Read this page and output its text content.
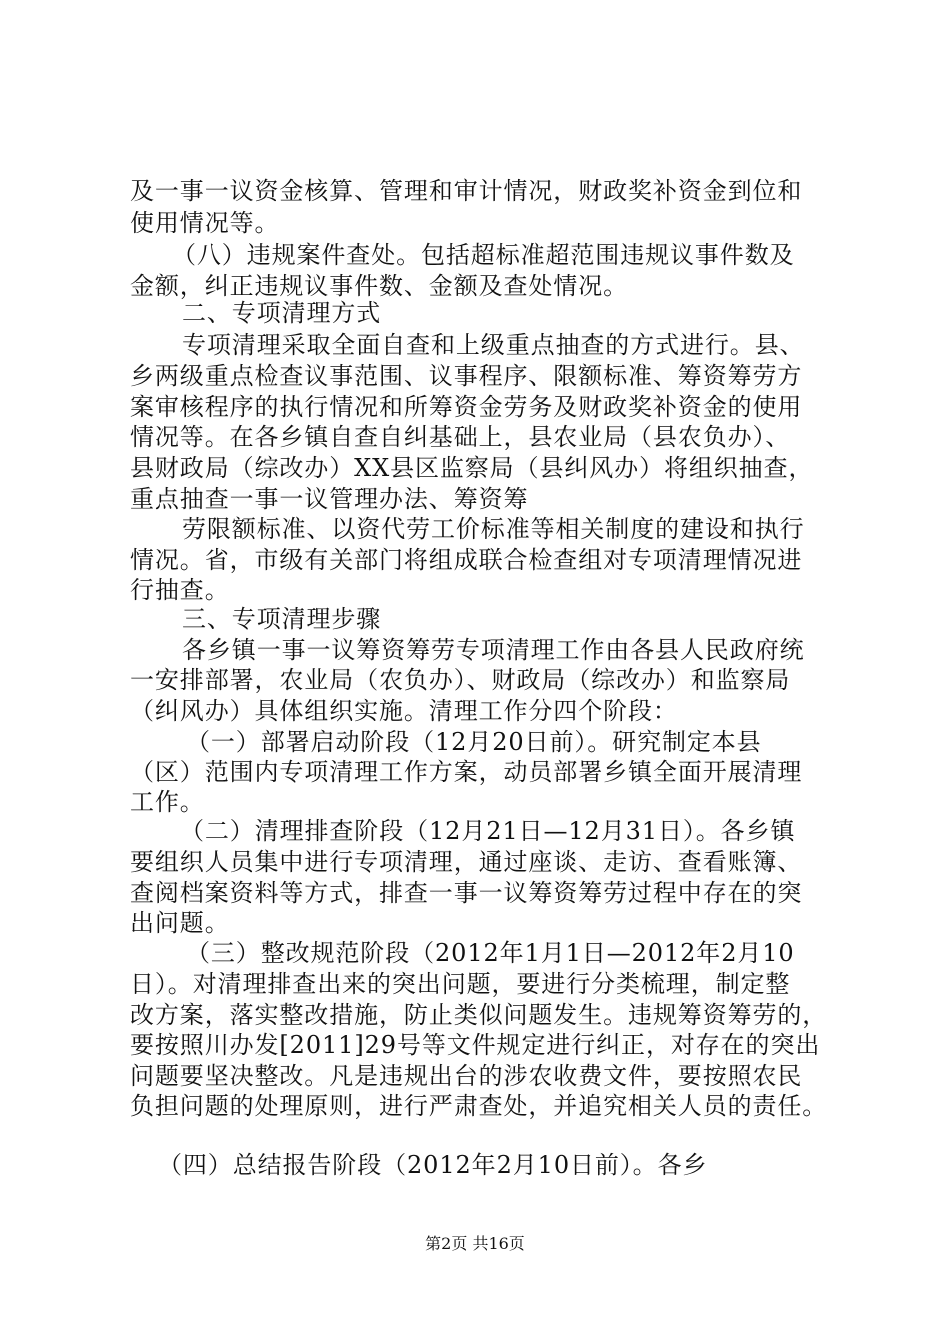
及一事一议资金核算、管理和审计情况，财政奖补资金到位和
使用情况等。
（八）违规案件查处。包括超标准超范围违规议事件数及
金额，纠正违规议事件数、金额及查处情况。
二、专项清理方式
专项清理采取全面自查和上级重点抽查的方式进行。县、
乡两级重点检查议事范围、议事程序、限额标准、筹资筹劳方
案审核程序的执行情况和所筹资金劳务及财政奖补资金的使用
情况等。在各乡镇自查自纠基础上，县农业局（县农负办）、
县财政局（综改办）XX县区监察局（县纠风办）将组织抽查，
重点抽查一事一议管理办法、筹资筹
劳限额标准、以资代劳工价标准等相关制度的建设和执行
情况。省，市级有关部门将组成联合检查组对专项清理情况进
行抽查。
三、专项清理步骤
各乡镇一事一议筹资筹劳专项清理工作由各县人民政府统
一安排部署，农业局（农负办）、财政局（综改办）和监察局
（纠风办）具体组织实施。清理工作分四个阶段：
（一）部署启动阶段（12月20日前）。研究制定本县
（区）范围内专项清理工作方案，动员部署乡镇全面开展清理
工作。
（二）清理排查阶段（12月21日—12月31日）。各乡镇
要组织人员集中进行专项清理，通过座谈、走访、查看账簿、
查阅档案资料等方式，排查一事一议筹资筹劳过程中存在的突
出问题。
（三）整改规范阶段（2012年1月1日—2012年2月10
日）。对清理排查出来的突出问题，要进行分类梳理，制定整
改方案，落实整改措施，防止类似问题发生。违规筹资筹劳的，
要按照川办发[2011]29号等文件规定进行纠正，对存在的突出
问题要坚决整改。凡是违规出台的涉农收费文件，要按照农民
负担问题的处理原则，进行严肃查处，并追究相关人员的责任。
（四）总结报告阶段（2012年2月10日前）。各乡
第2页 共16页
